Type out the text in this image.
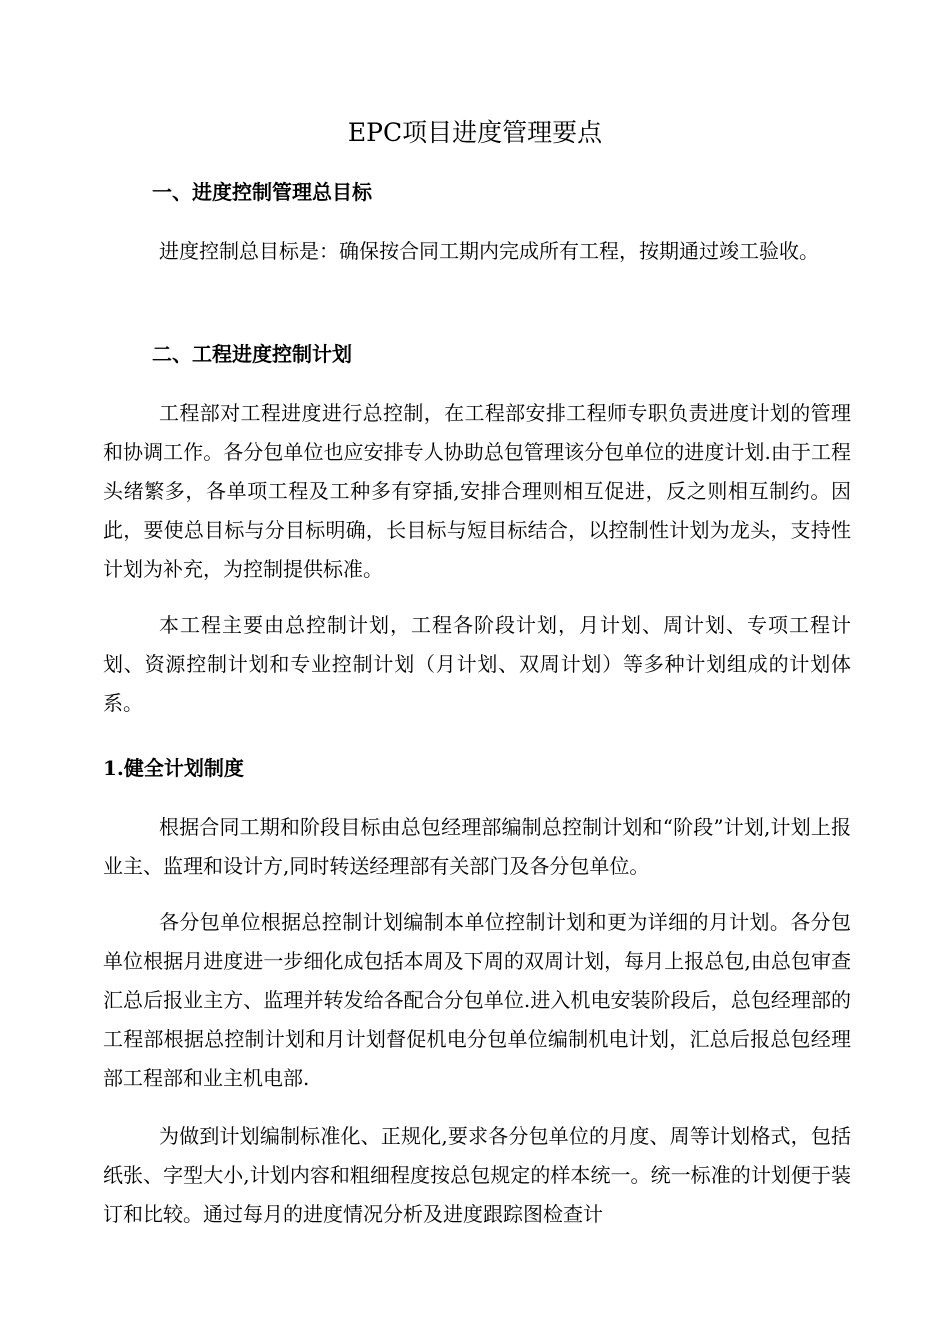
EPC项目进度管理要点
一、进度控制管理总目标

进度控制总目标是：确保按合同工期内完成所有工程，按期通过竣工验收。

二、工程进度控制计划

工程部对工程进度进行总控制，在工程部安排工程师专职负责进度计划的管理和协调工作。各分包单位也应安排专人协助总包管理该分包单位的进度计划.由于工程头绪繁多，各单项工程及工种多有穿插,安排合理则相互促进，反之则相互制约。因此，要使总目标与分目标明确，长目标与短目标结合，以控制性计划为龙头，支持性计划为补充，为控制提供标准。

本工程主要由总控制计划，工程各阶段计划，月计划、周计划、专项工程计划、资源控制计划和专业控制计划（月计划、双周计划）等多种计划组成的计划体系。

1.健全计划制度

根据合同工期和阶段目标由总包经理部编制总控制计划和“阶段”计划,计划上报业主、监理和设计方,同时转送经理部有关部门及各分包单位。

各分包单位根据总控制计划编制本单位控制计划和更为详细的月计划。各分包单位根据月进度进一步细化成包括本周及下周的双周计划，每月上报总包,由总包审查汇总后报业主方、监理并转发给各配合分包单位.进入机电安装阶段后，总包经理部的工程部根据总控制计划和月计划督促机电分包单位编制机电计划，汇总后报总包经理部工程部和业主机电部.

为做到计划编制标准化、正规化,要求各分包单位的月度、周等计划格式，包括纸张、字型大小,计划内容和粗细程度按总包规定的样本统一。统一标准的计划便于装订和比较。通过每月的进度情况分析及进度跟踪图检查计
